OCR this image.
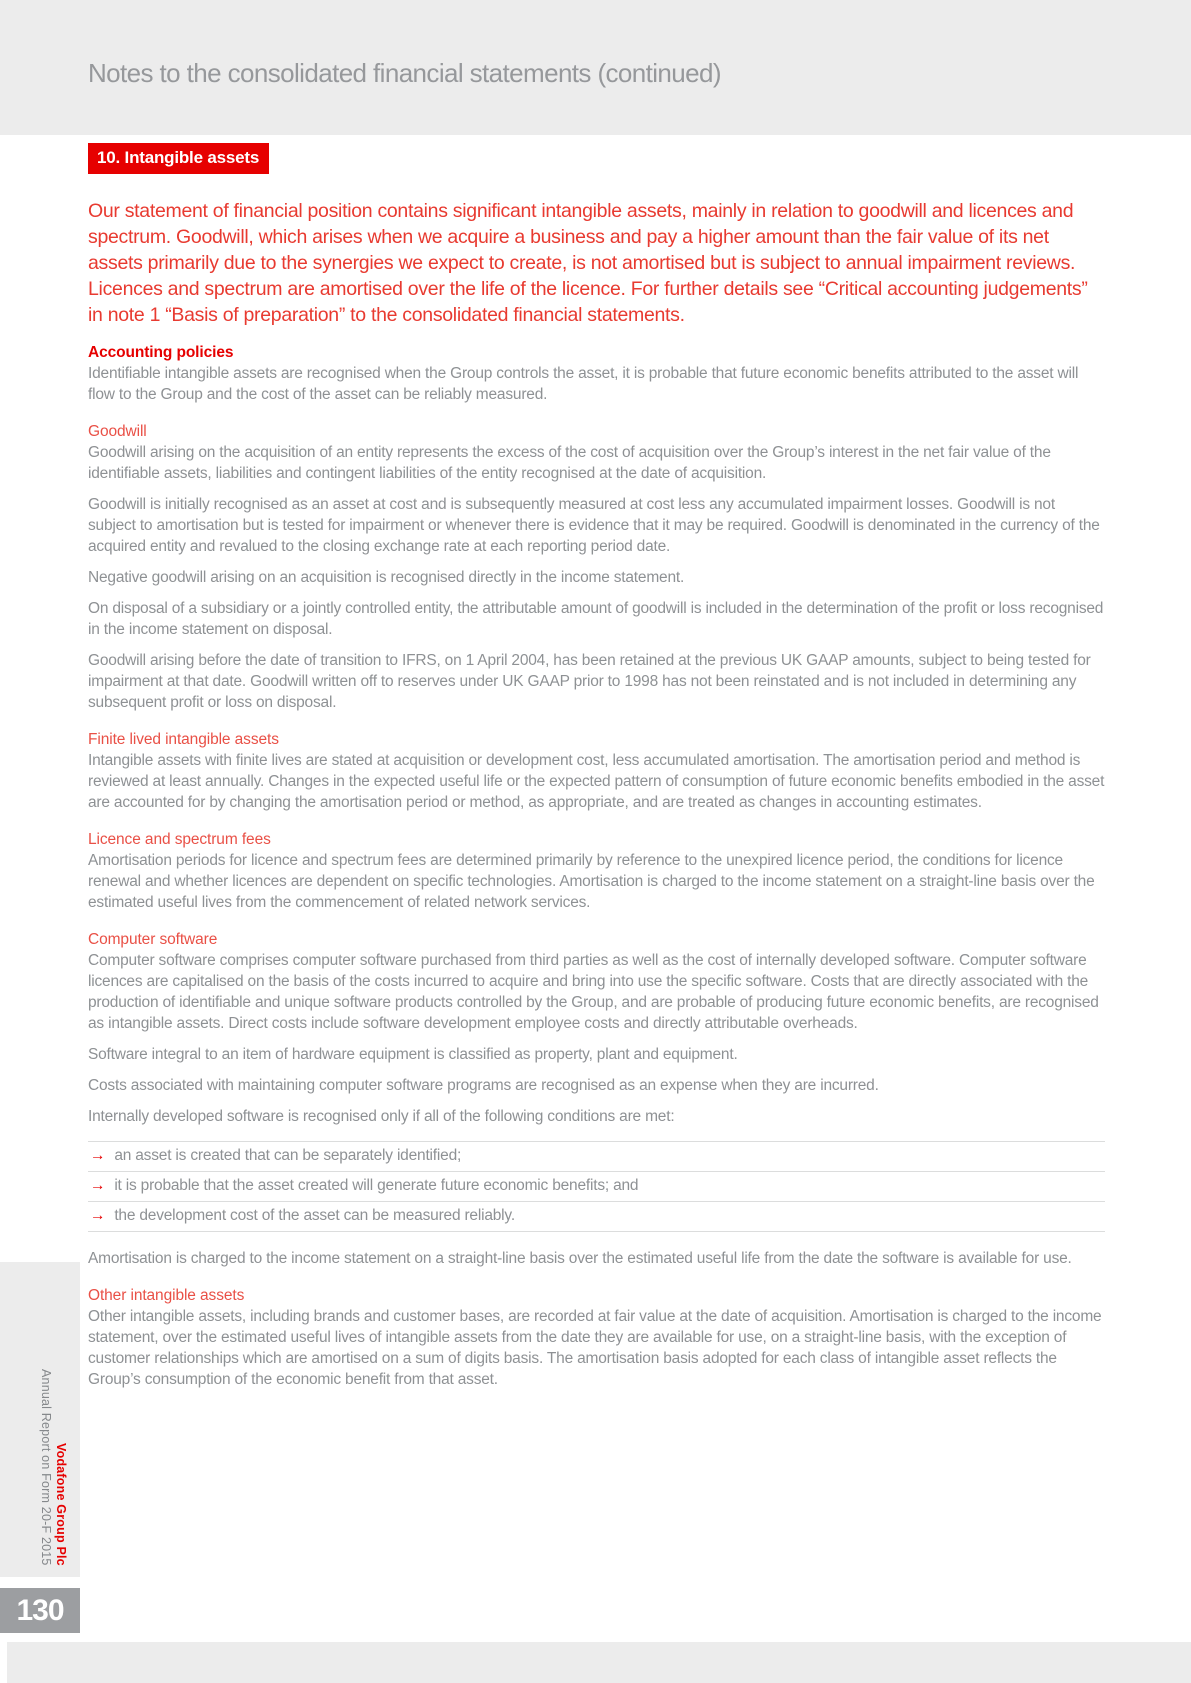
Notes to the consolidated financial statements (continued)
10. Intangible assets

Our statement of financial position contains significant intangible assets, mainly in relation to goodwill and licences and spectrum. Goodwill, which arises when we acquire a business and pay a higher amount than the fair value of its net assets primarily due to the synergies we expect to create, is not amortised but is subject to annual impairment reviews. Licences and spectrum are amortised over the life of the licence. For further details see “Critical accounting judgements” in note 1 “Basis of preparation” to the consolidated financial statements.

Accounting policies

Identifiable intangible assets are recognised when the Group controls the asset, it is probable that future economic benefits attributed to the asset will flow to the Group and the cost of the asset can be reliably measured.

Goodwill

Goodwill arising on the acquisition of an entity represents the excess of the cost of acquisition over the Group’s interest in the net fair value of the identifiable assets, liabilities and contingent liabilities of the entity recognised at the date of acquisition.

Goodwill is initially recognised as an asset at cost and is subsequently measured at cost less any accumulated impairment losses. Goodwill is not subject to amortisation but is tested for impairment or whenever there is evidence that it may be required. Goodwill is denominated in the currency of the acquired entity and revalued to the closing exchange rate at each reporting period date.

Negative goodwill arising on an acquisition is recognised directly in the income statement.

On disposal of a subsidiary or a jointly controlled entity, the attributable amount of goodwill is included in the determination of the profit or loss recognised in the income statement on disposal.

Goodwill arising before the date of transition to IFRS, on 1 April 2004, has been retained at the previous UK GAAP amounts, subject to being tested for impairment at that date. Goodwill written off to reserves under UK GAAP prior to 1998 has not been reinstated and is not included in determining any subsequent profit or loss on disposal.

Finite lived intangible assets

Intangible assets with finite lives are stated at acquisition or development cost, less accumulated amortisation. The amortisation period and method is reviewed at least annually. Changes in the expected useful life or the expected pattern of consumption of future economic benefits embodied in the asset are accounted for by changing the amortisation period or method, as appropriate, and are treated as changes in accounting estimates.

Licence and spectrum fees

Amortisation periods for licence and spectrum fees are determined primarily by reference to the unexpired licence period, the conditions for licence renewal and whether licences are dependent on specific technologies. Amortisation is charged to the income statement on a straight-line basis over the estimated useful lives from the commencement of related network services.

Computer software

Computer software comprises computer software purchased from third parties as well as the cost of internally developed software. Computer software licences are capitalised on the basis of the costs incurred to acquire and bring into use the specific software. Costs that are directly associated with the production of identifiable and unique software products controlled by the Group, and are probable of producing future economic benefits, are recognised as intangible assets. Direct costs include software development employee costs and directly attributable overheads.

Software integral to an item of hardware equipment is classified as property, plant and equipment.

Costs associated with maintaining computer software programs are recognised as an expense when they are incurred.

Internally developed software is recognised only if all of the following conditions are met:

→ an asset is created that can be separately identified;
→ it is probable that the asset created will generate future economic benefits; and
→ the development cost of the asset can be measured reliably.

Amortisation is charged to the income statement on a straight-line basis over the estimated useful life from the date the software is available for use.

Other intangible assets

Other intangible assets, including brands and customer bases, are recorded at fair value at the date of acquisition. Amortisation is charged to the income statement, over the estimated useful lives of intangible assets from the date they are available for use, on a straight-line basis, with the exception of customer relationships which are amortised on a sum of digits basis. The amortisation basis adopted for each class of intangible asset reflects the Group’s consumption of the economic benefit from that asset.

Vodafone Group Plc
Annual Report on Form 20-F 2015
130
